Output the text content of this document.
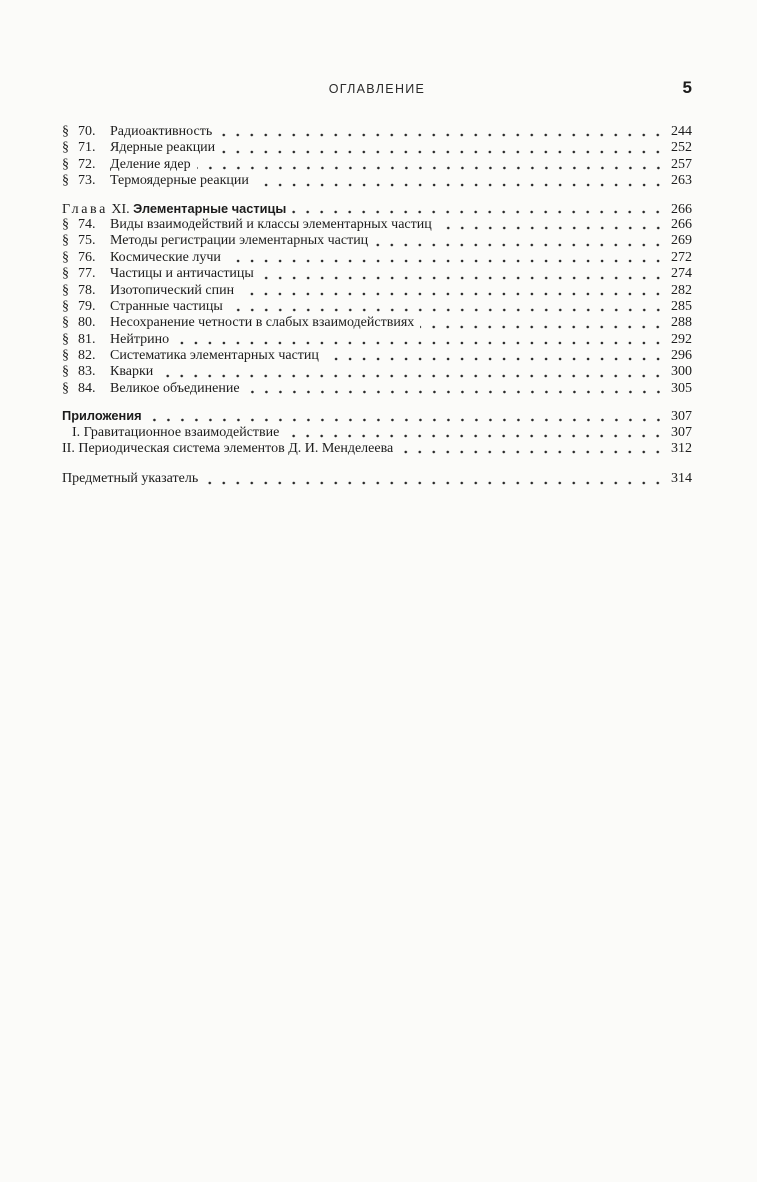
ОГЛАВЛЕНИЕ	5
§ 70. Радиоактивность	244
§ 71. Ядерные реакции	252
§ 72. Деление ядер	257
§ 73. Термоядерные реакции	263
Глава XI. Элементарные частицы	266
§ 74. Виды взаимодействий и классы элементарных частиц	266
§ 75. Методы регистрации элементарных частиц	269
§ 76. Космические лучи	272
§ 77. Частицы и античастицы	274
§ 78. Изотопический спин	282
§ 79. Странные частицы	285
§ 80. Несохранение четности в слабых взаимодействиях	288
§ 81. Нейтрино	292
§ 82. Систематика элементарных частиц	296
§ 83. Кварки	300
§ 84. Великое объединение	305
Приложения	307
I. Гравитационное взаимодействие	307
II. Периодическая система элементов Д. И. Менделеева	312
Предметный указатель	314
